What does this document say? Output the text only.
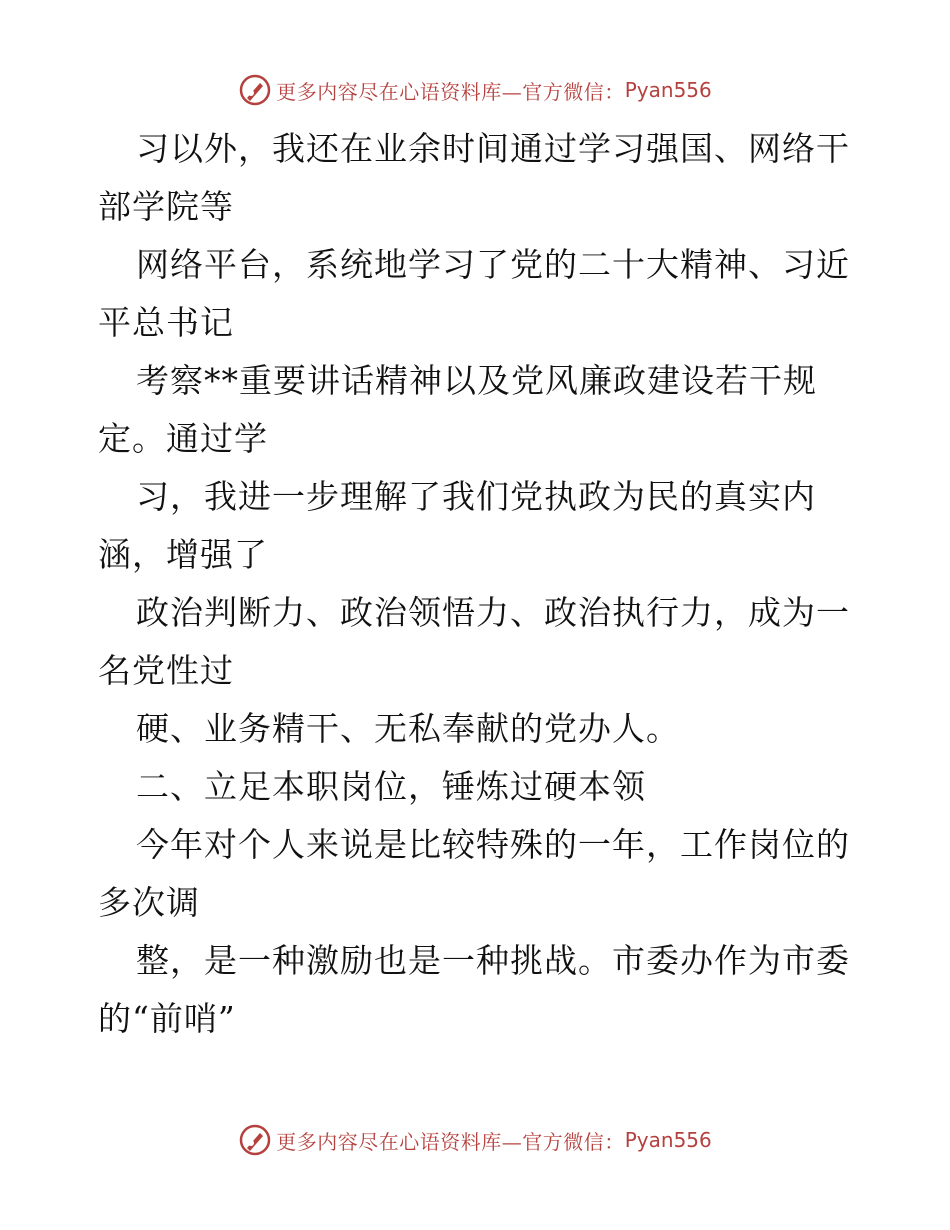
更多内容尽在心语资料库—官方微信： Pyan556
习以外，我还在业余时间通过学习强国、网络干
部学院等
网络平台，系统地学习了党的二十大精神、习近
平总书记
考察**重要讲话精神以及党风廉政建设若干规
定。通过学
习，我进一步理解了我们党执政为民的真实内
涵，增强了
政治判断力、政治领悟力、政治执行力，成为一
名党性过
硬、业务精干、无私奉献的党办人。
二、立足本职岗位，锤炼过硬本领
今年对个人来说是比较特殊的一年，工作岗位的
多次调
整，是一种激励也是一种挑战。市委办作为市委
的“前哨”
更多内容尽在心语资料库—官方微信： Pyan556
